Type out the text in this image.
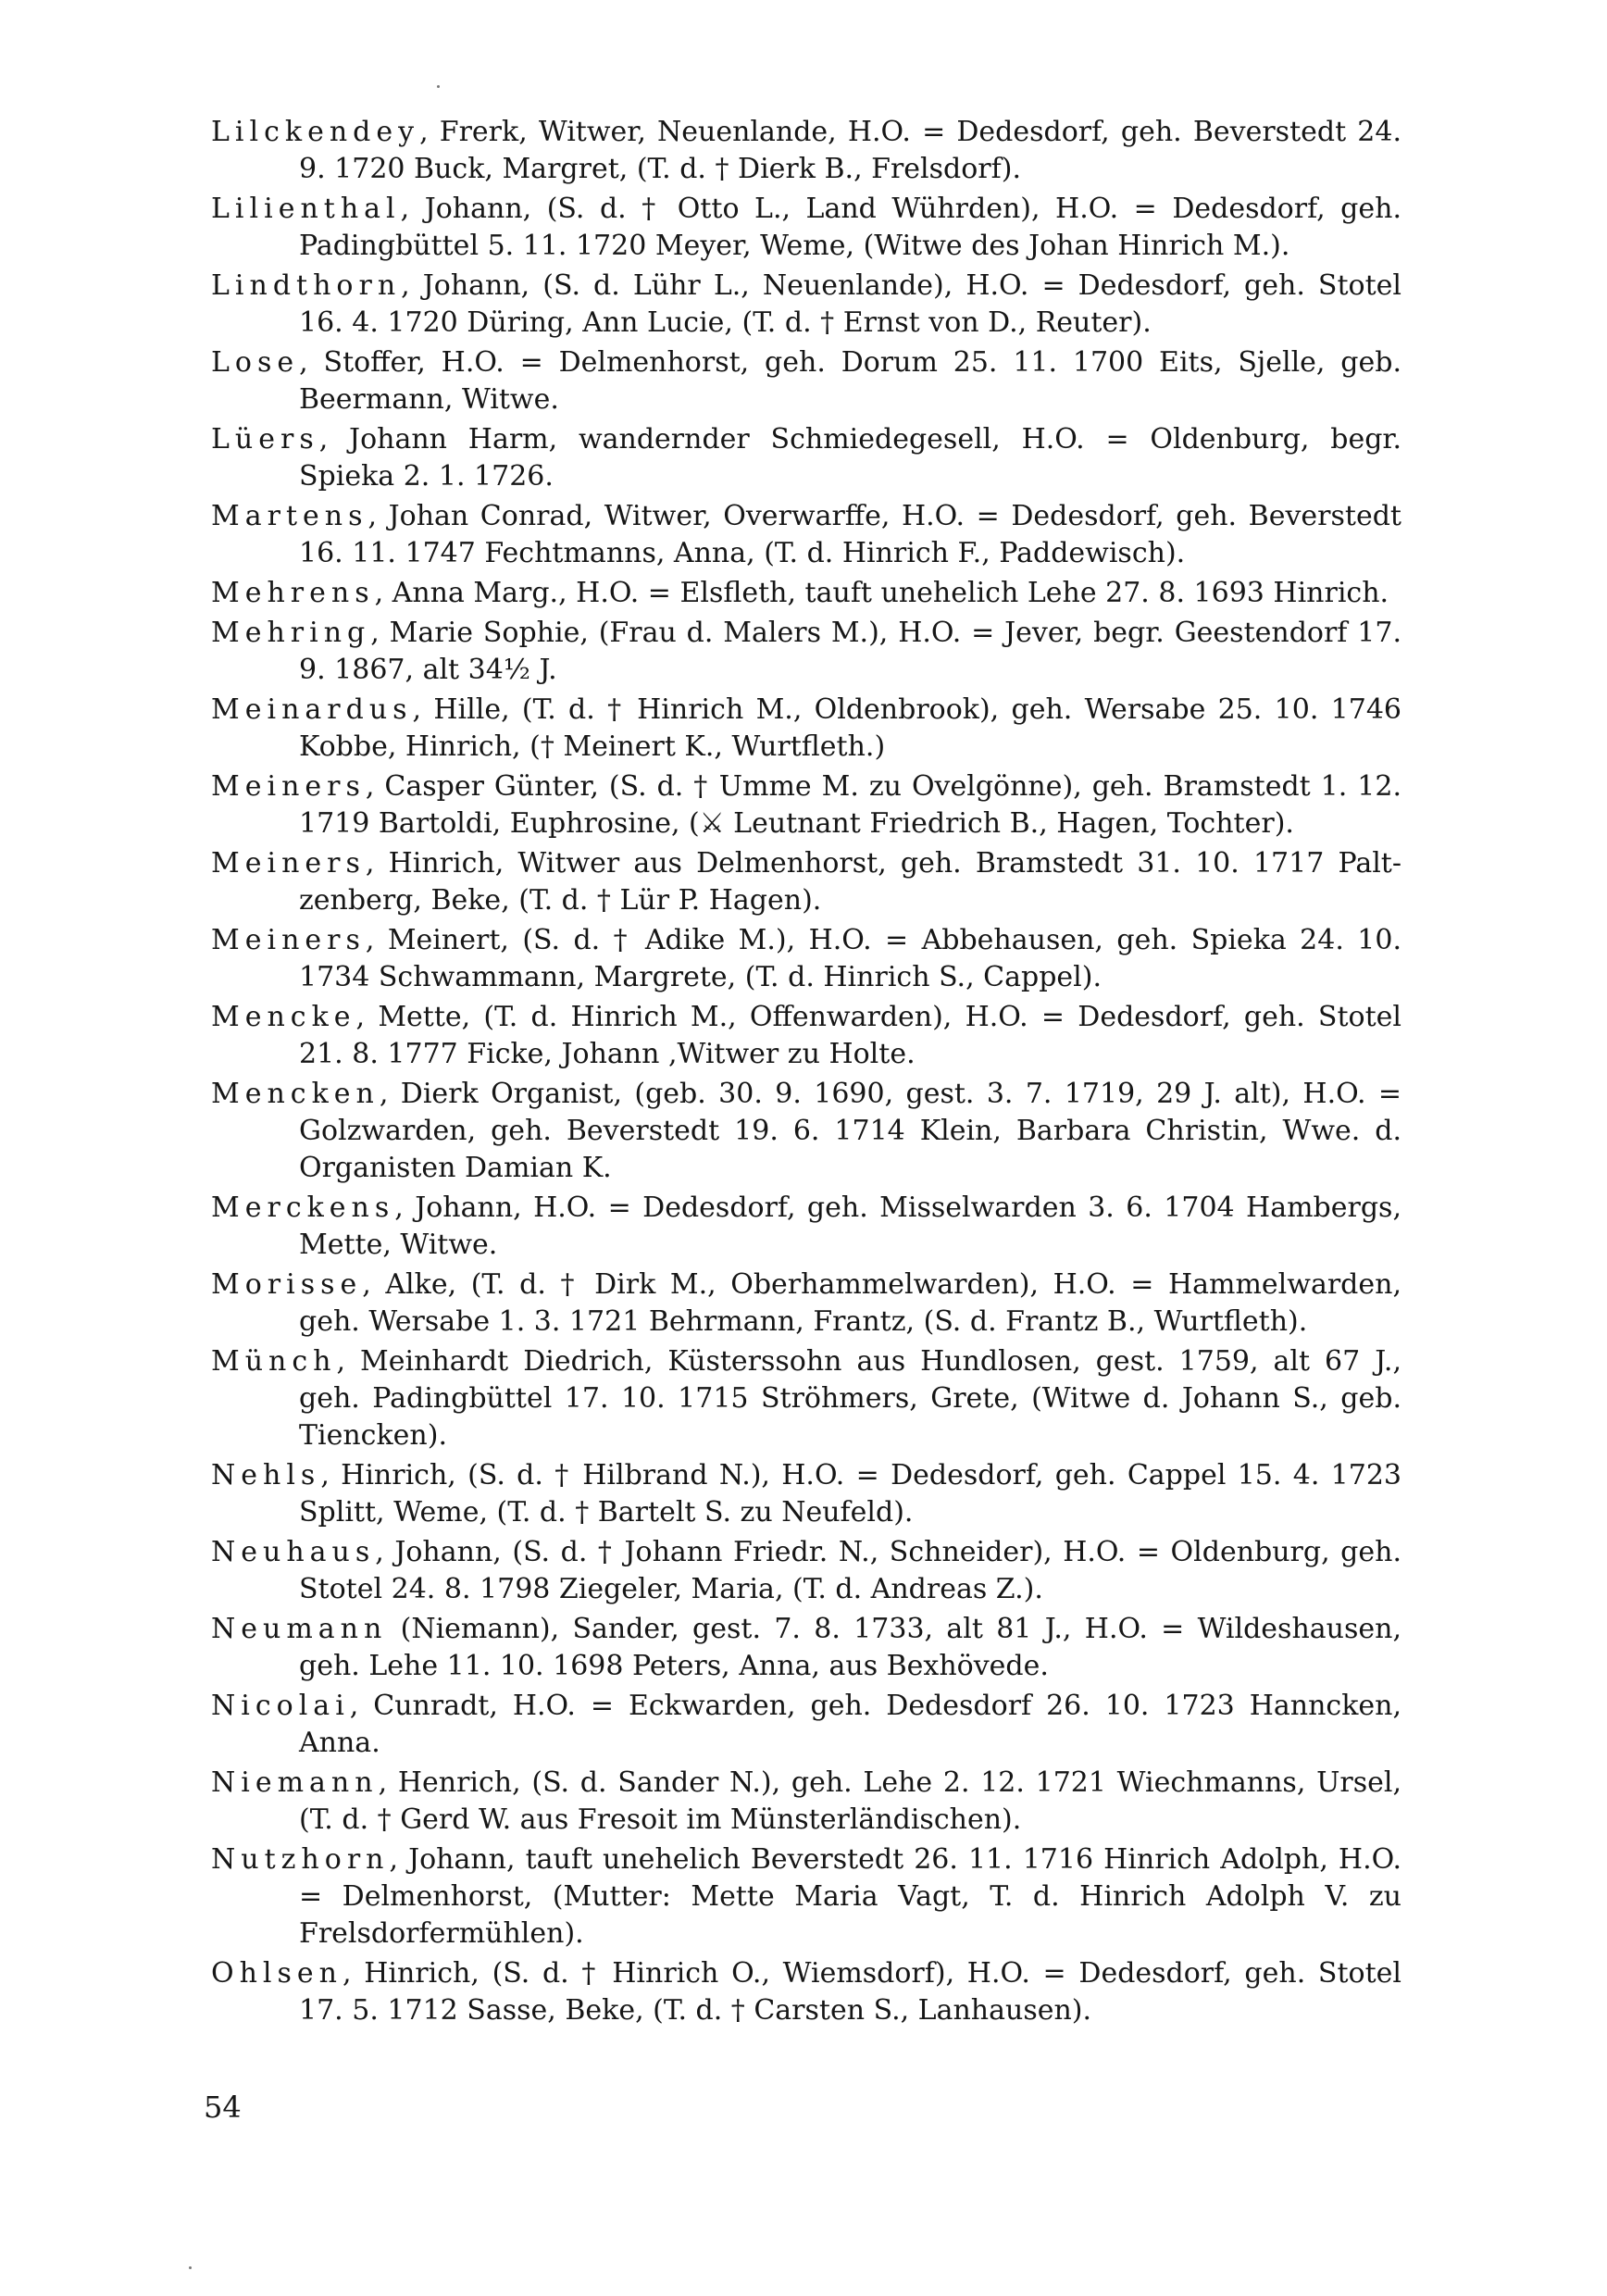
Lilckendey, Frerk, Witwer, Neuenlande, H.O. = Dedesdorf, geh. Beverstedt 24. 9. 1720 Buck, Margret, (T. d. † Dierk B., Frelsdorf).

Lilienthal, Johann, (S. d. † Otto L., Land Wührden), H.O. = Dedesdorf, geh. Padingbüttel 5. 11. 1720 Meyer, Weme, (Witwe des Johan Hinrich M.).

Lindthorn, Johann, (S. d. Lühr L., Neuenlande), H.O. = Dedesdorf, geh. Stotel 16. 4. 1720 Düring, Ann Lucie, (T. d. † Ernst von D., Reuter).

Lose, Stoffer, H.O. = Delmenhorst, geh. Dorum 25. 11. 1700 Eits, Sjelle, geb. Beermann, Witwe.

Lüers, Johann Harm, wandernder Schmiedegesell, H.O. = Oldenburg, begr. Spieka 2. 1. 1726.

Martens, Johan Conrad, Witwer, Overwarffe, H.O. = Dedesdorf, geh. Beverstedt 16. 11. 1747 Fechtmanns, Anna, (T. d. Hinrich F., Paddewisch).

Mehrens, Anna Marg., H.O. = Elsfleth, tauft unehelich Lehe 27. 8. 1693 Hinrich.

Mehring, Marie Sophie, (Frau d. Malers M.), H.O. = Jever, begr. Geestendorf 17. 9. 1867, alt 34½ J.

Meinardus, Hille, (T. d. † Hinrich M., Oldenbrook), geh. Wersabe 25. 10. 1746 Kobbe, Hinrich, († Meinert K., Wurtfleth.)

Meiners, Casper Günter, (S. d. † Umme M. zu Ovelgönne), geh. Bramstedt 1. 12. 1719 Bartoldi, Euphrosine, (⚔ Leutnant Friedrich B., Hagen, Tochter).

Meiners, Hinrich, Witwer aus Delmenhorst, geh. Bramstedt 31. 10. 1717 Paltzenberg, Beke, (T. d. † Lür P. Hagen).

Meiners, Meinert, (S. d. † Adike M.), H.O. = Abbehausen, geh. Spieka 24. 10. 1734 Schwammann, Margrete, (T. d. Hinrich S., Cappel).

Mencke, Mette, (T. d. Hinrich M., Offenwarden), H.O. = Dedesdorf, geh. Stotel 21. 8. 1777 Ficke, Johann ,Witwer zu Holte.

Mencken, Dierk Organist, (geb. 30. 9. 1690, gest. 3. 7. 1719, 29 J. alt), H.O. = Golzwarden, geh. Beverstedt 19. 6. 1714 Klein, Barbara Christin, Wwe. d. Organisten Damian K.

Merckens, Johann, H.O. = Dedesdorf, geh. Misselwarden 3. 6. 1704 Hambergs, Mette, Witwe.

Morisse, Alke, (T. d. † Dirk M., Oberhammelwarden), H.O. = Hammelwarden, geh. Wersabe 1. 3. 1721 Behrmann, Frantz, (S. d. Frantz B., Wurtfleth).

Münch, Meinhardt Diedrich, Küsterssohn aus Hundlosen, gest. 1759, alt 67 J., geh. Padingbüttel 17. 10. 1715 Ströhmers, Grete, (Witwe d. Johann S., geb. Tiencken).

Nehls, Hinrich, (S. d. † Hilbrand N.), H.O. = Dedesdorf, geh. Cappel 15. 4. 1723 Splitt, Weme, (T. d. † Bartelt S. zu Neufeld).

Neuhaus, Johann, (S. d. † Johann Friedr. N., Schneider), H.O. = Oldenburg, geh. Stotel 24. 8. 1798 Ziegeler, Maria, (T. d. Andreas Z.).

Neumann (Niemann), Sander, gest. 7. 8. 1733, alt 81 J., H.O. = Wildeshausen, geh. Lehe 11. 10. 1698 Peters, Anna, aus Bexhövede.

Nicolai, Cunradt, H.O. = Eckwarden, geh. Dedesdorf 26. 10. 1723 Hanncken, Anna.

Niemann, Henrich, (S. d. Sander N.), geh. Lehe 2. 12. 1721 Wiechmanns, Ursel, (T. d. † Gerd W. aus Fresoit im Münsterländischen).

Nutzhorn, Johann, tauft unehelich Beverstedt 26. 11. 1716 Hinrich Adolph, H.O. = Delmenhorst, (Mutter: Mette Maria Vagt, T. d. Hinrich Adolph V. zu Frelsdorfermühlen).

Ohlsen, Hinrich, (S. d. † Hinrich O., Wiemsdorf), H.O. = Dedesdorf, geh. Stotel 17. 5. 1712 Sasse, Beke, (T. d. † Carsten S., Lanhausen).

54
